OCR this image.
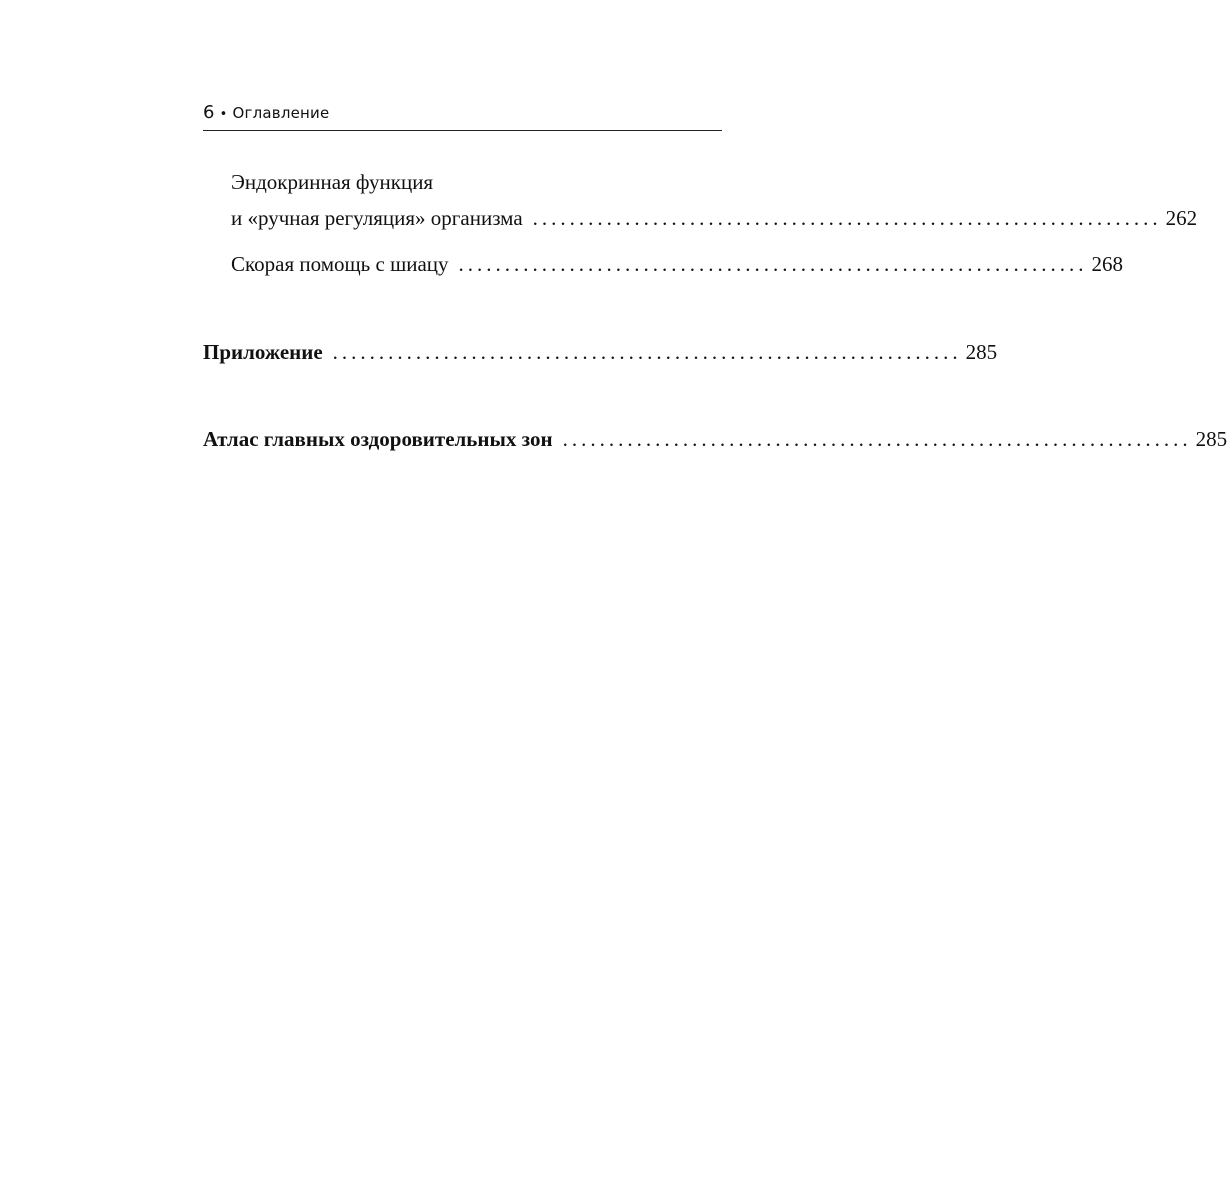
6 • Оглавление
Эндокринная функция
и «ручная регуляция» организма .................................................................... 262
Скорая помощь с шиацу .................................................................... 268
Приложение .................................................................... 285
Атлас главных оздоровительных зон .................................................................... 285
